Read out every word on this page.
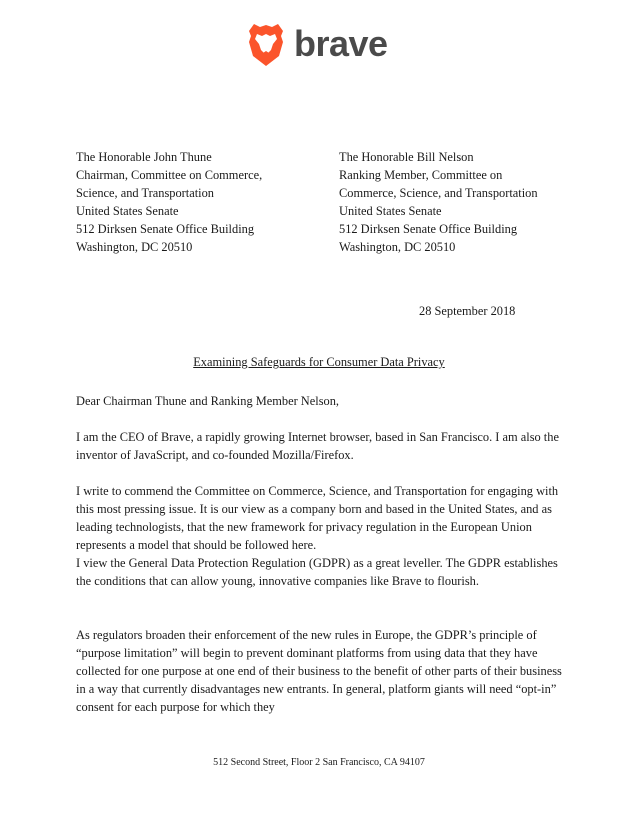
brave
The Honorable John Thune
Chairman, Committee on Commerce,
Science, and Transportation
United States Senate
512 Dirksen Senate Office Building
Washington, DC 20510
The Honorable Bill Nelson
Ranking Member, Committee on
Commerce, Science, and Transportation
United States Senate
512 Dirksen Senate Office Building
Washington, DC 20510
28 September 2018
Examining Safeguards for Consumer Data Privacy
Dear Chairman Thune and Ranking Member Nelson,

I am the CEO of Brave, a rapidly growing Internet browser, based in San Francisco. I am also the inventor of JavaScript, and co-founded Mozilla/Firefox.

I write to commend the Committee on Commerce, Science, and Transportation for engaging with this most pressing issue. It is our view as a company born and based in the United States, and as leading technologists, that the new framework for privacy regulation in the European Union represents a model that should be followed here.

I view the General Data Protection Regulation (GDPR) as a great leveller. The GDPR establishes the conditions that can allow young, innovative companies like Brave to flourish.

As regulators broaden their enforcement of the new rules in Europe, the GDPR’s principle of “purpose limitation” will begin to prevent dominant platforms from using data that they have collected for one purpose at one end of their business to the benefit of other parts of their business in a way that currently disadvantages new entrants. In general, platform giants will need “opt-in” consent for each purpose for which they

512 Second Street, Floor 2 San Francisco, CA 94107
